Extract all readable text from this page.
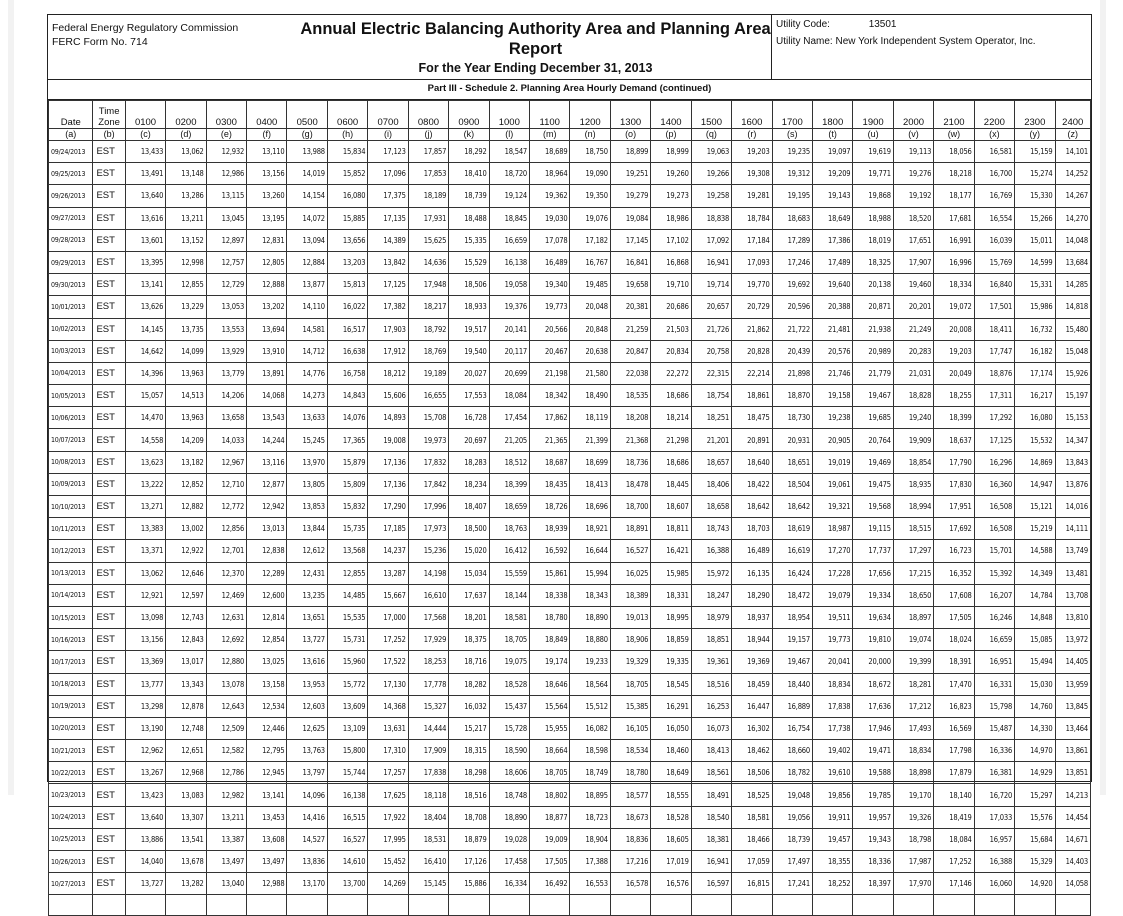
Federal Energy Regulatory Commission
FERC Form No. 714
Annual Electric Balancing Authority Area and Planning Area Report
For the Year Ending December 31, 2013
Utility Code:	13501
Utility Name: New York Independent System Operator, Inc.
Part III - Schedule 2. Planning Area Hourly Demand (continued)
Date	Time Zone	0100	0200	0300	0400	0500	0600	0700	0800	0900	1000	1100	1200	1300	1400	1500	1600	1700	1800	1900	2000	2100	2200	2300	2400
(a)	(b)	(c)	(d)	(e)	(f)	(g)	(h)	(i)	(j)	(k)	(l)	(m)	(n)	(o)	(p)	(q)	(r)	(s)	(t)	(u)	(v)	(w)	(x)	(y)	(z)
09/24/2013	EST	13,433	13,062	12,932	13,110	13,988	15,834	17,123	17,857	18,292	18,547	18,689	18,750	18,899	18,999	19,063	19,203	19,235	19,097	19,619	19,113	18,056	16,581	15,159	14,101
09/25/2013	EST	13,491	13,148	12,986	13,156	14,019	15,852	17,096	17,853	18,410	18,720	18,964	19,090	19,251	19,260	19,266	19,308	19,312	19,209	19,771	19,276	18,218	16,700	15,274	14,252
09/26/2013	EST	13,640	13,286	13,115	13,260	14,154	16,080	17,375	18,189	18,739	19,124	19,362	19,350	19,279	19,273	19,258	19,281	19,195	19,143	19,868	19,192	18,177	16,769	15,330	14,267
09/27/2013	EST	13,616	13,211	13,045	13,195	14,072	15,885	17,135	17,931	18,488	18,845	19,030	19,076	19,084	18,986	18,838	18,784	18,683	18,649	18,988	18,520	17,681	16,554	15,266	14,270
09/28/2013	EST	13,601	13,152	12,897	12,831	13,094	13,656	14,389	15,625	15,335	16,659	17,078	17,182	17,145	17,102	17,092	17,184	17,289	17,386	18,019	17,651	16,991	16,039	15,011	14,048
09/29/2013	EST	13,395	12,998	12,757	12,805	12,884	13,203	13,842	14,636	15,529	16,138	16,489	16,767	16,841	16,868	16,941	17,093	17,246	17,489	18,325	17,907	16,996	15,769	14,599	13,684
09/30/2013	EST	13,141	12,855	12,729	12,888	13,877	15,813	17,125	17,948	18,506	19,058	19,340	19,485	19,658	19,710	19,714	19,770	19,692	19,640	20,138	19,460	18,334	16,840	15,331	14,285
10/01/2013	EST	13,626	13,229	13,053	13,202	14,110	16,022	17,382	18,217	18,933	19,376	19,773	20,048	20,381	20,686	20,657	20,729	20,596	20,388	20,871	20,201	19,072	17,501	15,986	14,818
10/02/2013	EST	14,145	13,735	13,553	13,694	14,581	16,517	17,903	18,792	19,517	20,141	20,566	20,848	21,259	21,503	21,726	21,862	21,722	21,481	21,938	21,249	20,008	18,411	16,732	15,480
10/03/2013	EST	14,642	14,099	13,929	13,910	14,712	16,638	17,912	18,769	19,540	20,117	20,467	20,638	20,847	20,834	20,758	20,828	20,439	20,576	20,989	20,283	19,203	17,747	16,182	15,048
10/04/2013	EST	14,396	13,963	13,779	13,891	14,776	16,758	18,212	19,189	20,027	20,699	21,198	21,580	22,038	22,272	22,315	22,214	21,898	21,746	21,779	21,031	20,049	18,876	17,174	15,926
10/05/2013	EST	15,057	14,513	14,206	14,068	14,273	14,843	15,606	16,655	17,553	18,084	18,342	18,490	18,535	18,686	18,754	18,861	18,870	19,158	19,467	18,828	18,255	17,311	16,217	15,197
10/06/2013	EST	14,470	13,963	13,658	13,543	13,633	14,076	14,893	15,708	16,728	17,454	17,862	18,119	18,208	18,214	18,251	18,475	18,730	19,238	19,685	19,240	18,399	17,292	16,080	15,153
10/07/2013	EST	14,558	14,209	14,033	14,244	15,245	17,365	19,008	19,973	20,697	21,205	21,365	21,399	21,368	21,298	21,201	20,891	20,931	20,905	20,764	19,909	18,637	17,125	15,532	14,347
10/08/2013	EST	13,623	13,182	12,967	13,116	13,970	15,879	17,136	17,832	18,283	18,512	18,687	18,699	18,736	18,686	18,657	18,640	18,651	19,019	19,469	18,854	17,790	16,296	14,869	13,843
10/09/2013	EST	13,222	12,852	12,710	12,877	13,805	15,809	17,136	17,842	18,234	18,399	18,435	18,413	18,478	18,445	18,406	18,422	18,504	19,061	19,475	18,935	17,830	16,360	14,947	13,876
10/10/2013	EST	13,271	12,882	12,772	12,942	13,853	15,832	17,290	17,996	18,407	18,659	18,726	18,696	18,700	18,607	18,658	18,642	18,642	19,321	19,568	18,994	17,951	16,508	15,121	14,016
10/11/2013	EST	13,383	13,002	12,856	13,013	13,844	15,735	17,185	17,973	18,500	18,763	18,939	18,921	18,891	18,811	18,743	18,703	18,619	18,987	19,115	18,515	17,692	16,508	15,219	14,111
10/12/2013	EST	13,371	12,922	12,701	12,838	12,612	13,568	14,237	15,236	15,020	16,412	16,592	16,644	16,527	16,421	16,388	16,489	16,619	17,270	17,737	17,297	16,723	15,701	14,588	13,749
10/13/2013	EST	13,062	12,646	12,370	12,289	12,431	12,855	13,287	14,198	15,034	15,559	15,861	15,994	16,025	15,985	15,972	16,135	16,424	17,228	17,656	17,215	16,352	15,392	14,349	13,481
10/14/2013	EST	12,921	12,597	12,469	12,600	13,235	14,485	15,667	16,610	17,637	18,144	18,338	18,343	18,389	18,331	18,247	18,290	18,472	19,079	19,334	18,650	17,608	16,207	14,784	13,708
10/15/2013	EST	13,098	12,743	12,631	12,814	13,651	15,535	17,000	17,568	18,201	18,581	18,780	18,890	19,013	18,995	18,979	18,937	18,954	19,511	19,634	18,897	17,505	16,246	14,848	13,810
10/16/2013	EST	13,156	12,843	12,692	12,854	13,727	15,731	17,252	17,929	18,375	18,705	18,849	18,880	18,906	18,859	18,851	18,944	19,157	19,773	19,810	19,074	18,024	16,659	15,085	13,972
10/17/2013	EST	13,369	13,017	12,880	13,025	13,616	15,960	17,522	18,253	18,716	19,075	19,174	19,233	19,329	19,335	19,361	19,369	19,467	20,041	20,000	19,399	18,391	16,951	15,494	14,405
10/18/2013	EST	13,777	13,343	13,078	13,158	13,953	15,772	17,130	17,778	18,282	18,528	18,646	18,564	18,705	18,545	18,516	18,459	18,440	18,834	18,672	18,281	17,470	16,331	15,030	13,959
10/19/2013	EST	13,298	12,878	12,643	12,534	12,603	13,609	14,368	15,327	16,032	15,437	15,564	15,512	15,385	16,291	16,253	16,447	16,889	17,838	17,636	17,212	16,823	15,798	14,760	13,845
10/20/2013	EST	13,190	12,748	12,509	12,446	12,625	13,109	13,631	14,444	15,217	15,728	15,955	16,082	16,105	16,050	16,073	16,302	16,754	17,738	17,946	17,493	16,569	15,487	14,330	13,464
10/21/2013	EST	12,962	12,651	12,582	12,795	13,763	15,800	17,310	17,909	18,315	18,590	18,664	18,598	18,534	18,460	18,413	18,462	18,660	19,402	19,471	18,834	17,798	16,336	14,970	13,861
10/22/2013	EST	13,267	12,968	12,786	12,945	13,797	15,744	17,257	17,838	18,298	18,606	18,705	18,749	18,780	18,649	18,561	18,506	18,782	19,610	19,588	18,898	17,879	16,381	14,929	13,851
10/23/2013	EST	13,423	13,083	12,982	13,141	14,096	16,138	17,625	18,118	18,516	18,748	18,802	18,895	18,577	18,555	18,491	18,525	19,048	19,856	19,785	19,170	18,140	16,720	15,297	14,213
10/24/2013	EST	13,640	13,307	13,211	13,453	14,416	16,515	17,922	18,404	18,708	18,890	18,877	18,723	18,673	18,528	18,540	18,581	19,056	19,911	19,957	19,326	18,419	17,033	15,576	14,454
10/25/2013	EST	13,886	13,541	13,387	13,608	14,527	16,527	17,995	18,531	18,879	19,028	19,009	18,904	18,836	18,605	18,381	18,466	18,739	19,457	19,343	18,798	18,084	16,957	15,684	14,671
10/26/2013	EST	14,040	13,678	13,497	13,497	13,836	14,610	15,452	16,410	17,126	17,458	17,505	17,388	17,216	17,019	16,941	17,059	17,497	18,355	18,336	17,987	17,252	16,388	15,329	14,403
10/27/2013	EST	13,727	13,282	13,040	12,988	13,170	13,700	14,269	15,145	15,886	16,334	16,492	16,553	16,578	16,576	16,597	16,815	17,241	18,252	18,397	17,970	17,146	16,060	14,920	14,058
